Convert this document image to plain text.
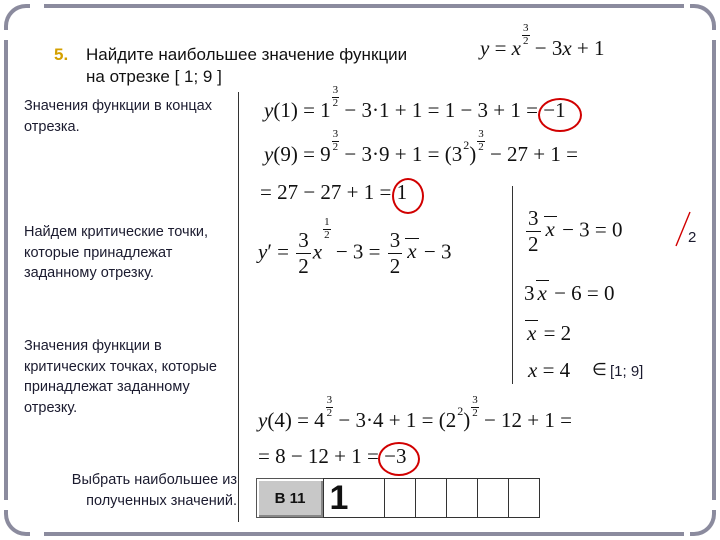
5. Найдите наибольшее значение функции
на отрезке [ 1; 9 ]
y = x
$\frac{3}{2}$
− 3x + 1
Значения функции в концах отрезка.
Найдем критические точки, которые принадлежат заданному отрезку.
Значения функции в критических точках, которые принадлежат заданному отрезку.
Выбрать наибольшее из полученных значений.
y(1) = 1
$\frac{3}{2}$
− 3·1 + 1 = 1 − 3 + 1 = −1
y(9) = 9
$\frac{3}{2}$
− $3\cdot 9 + 1 = (3^2)$
$\frac{3}{2}$
− 27 + 1 =
= 27 − 27 + 1 = 1
$y' = \frac{3}{2}$ x
$\frac{1}{2}$
− $3 = \frac{3}{2}$ x − 3	$\frac{3}{2}$ x − 3 = 0
3 x − 6 = 0
x = 2
x = 4 ∈ [1; 9]
2
y(4) = 4
$\frac{3}{2}$
− $3\cdot 4 + 1 = (2^2)$
$\frac{3}{2}$
− 12 + 1 =
= 8 − 12 + 1 = −3
В 11 1
